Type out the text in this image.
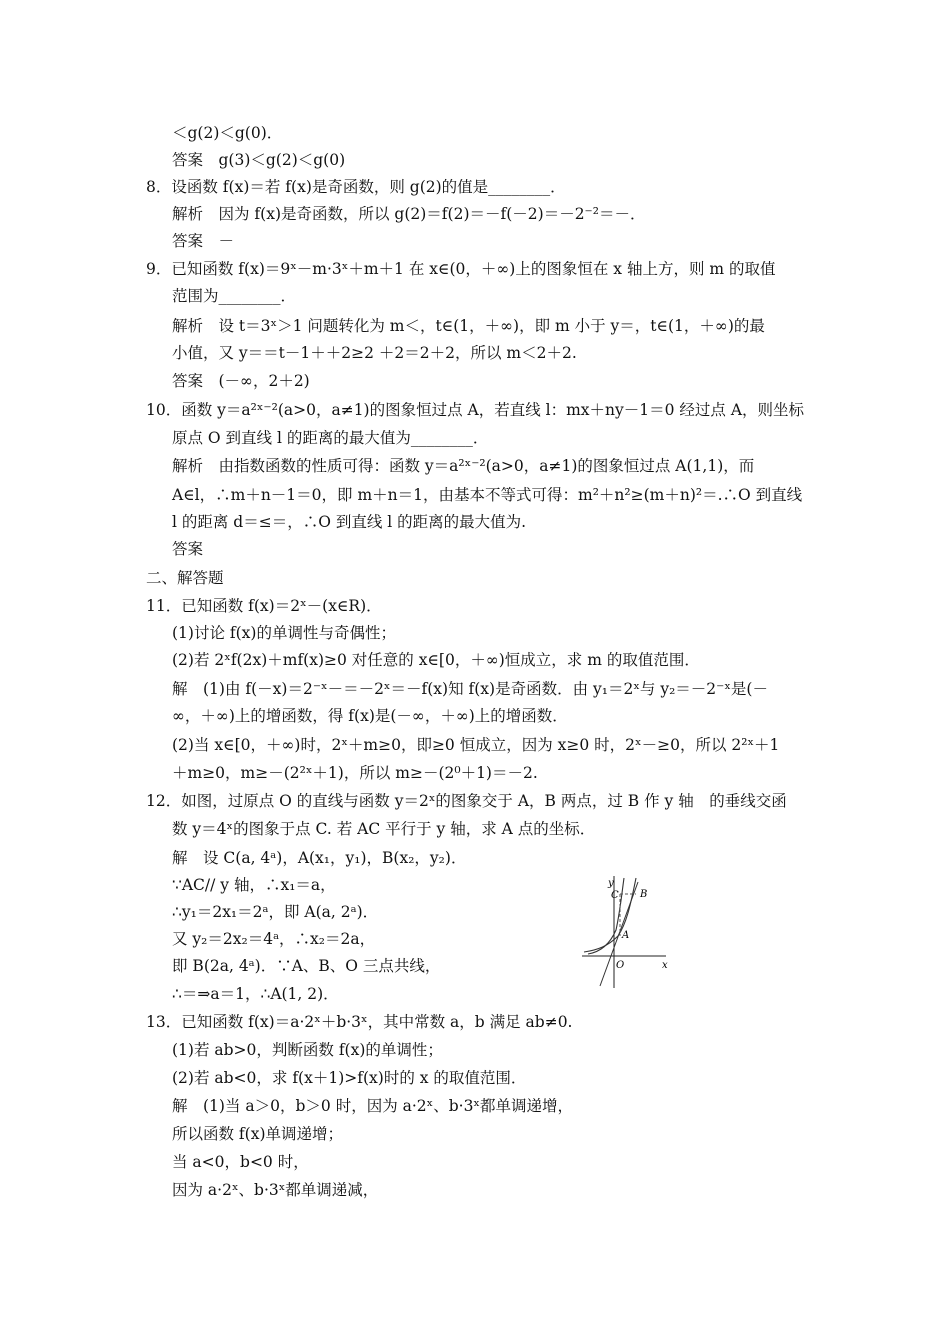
＜g(2)＜g(0)．
答案　g(3)＜g(2)＜g(0)
8．设函数 f(x)＝若 f(x)是奇函数，则 g(2)的值是________．
解析　因为 f(x)是奇函数，所以 g(2)＝f(2)＝－f(－2)＝－2⁻²＝－．
答案　－
9．已知函数 f(x)＝9ˣ－m·3ˣ＋m＋1 在 x∈(0，＋∞)上的图象恒在 x 轴上方，则 m 的取值
范围为________．
解析　设 t＝3ˣ＞1 问题转化为 m＜，t∈(1，＋∞)，即 m 小于 y＝，t∈(1，＋∞)的最
小值，又 y＝＝t－1＋＋2≥2 ＋2＝2＋2，所以 m＜2＋2.
答案　(－∞，2＋2)
10．函数 y＝a²ˣ⁻²(a>0，a≠1)的图象恒过点 A，若直线 l：mx＋ny－1＝0 经过点 A，则坐标
原点 O 到直线 l 的距离的最大值为________．
解析　由指数函数的性质可得：函数 y＝a²ˣ⁻²(a>0，a≠1)的图象恒过点 A(1,1)，而
A∈l，∴m＋n－1＝0，即 m＋n＝1，由基本不等式可得：m²＋n²≥(m＋n)²＝.∴O 到直线
l 的距离 d＝≤＝，∴O 到直线 l 的距离的最大值为.
答案
二、解答题
11．已知函数 f(x)＝2ˣ－(x∈R)．
(1)讨论 f(x)的单调性与奇偶性；
(2)若 2ˣf(2x)＋mf(x)≥0 对任意的 x∈[0，＋∞)恒成立，求 m 的取值范围．
解　(1)由 f(－x)＝2⁻ˣ－＝－2ˣ＝－f(x)知 f(x)是奇函数．由 y₁＝2ˣ与 y₂＝－2⁻ˣ是(－
∞，＋∞)上的增函数，得 f(x)是(－∞，＋∞)上的增函数．
(2)当 x∈[0，＋∞)时，2ˣ＋m≥0，即≥0 恒成立，因为 x≥0 时，2ˣ－≥0，所以 2²ˣ＋1
＋m≥0，m≥－(2²ˣ＋1)，所以 m≥－(2⁰＋1)＝－2.
12．如图，过原点 O 的直线与函数 y＝2ˣ的图象交于 A，B 两点，过 B 作 y 轴　的垂线交函
数 y＝4ˣ的图象于点 C. 若 AC 平行于 y 轴，求 A 点的坐标．
解　设 C(a, 4ᵃ)，A(x₁，y₁)，B(x₂，y₂)．
∵AC// y 轴，∴x₁＝a，
∴y₁＝2x₁＝2ᵃ，即 A(a, 2ᵃ)．
又 y₂＝2x₂＝4ᵃ，∴x₂＝2a，
即 B(2a, 4ᵃ)．∵A、B、O 三点共线，
∴＝⇒a＝1，∴A(1, 2)．
13．已知函数 f(x)＝a·2ˣ＋b·3ˣ，其中常数 a，b 满足 ab≠0.
(1)若 ab>0，判断函数 f(x)的单调性；
(2)若 ab<0，求 f(x＋1)>f(x)时的 x 的取值范围．
解　(1)当 a＞0，b＞0 时，因为 a·2ˣ、b·3ˣ都单调递增，
所以函数 f(x)单调递增；
当 a<0，b<0 时，
因为 a·2ˣ、b·3ˣ都单调递减，
y
x
O
A
B
C
